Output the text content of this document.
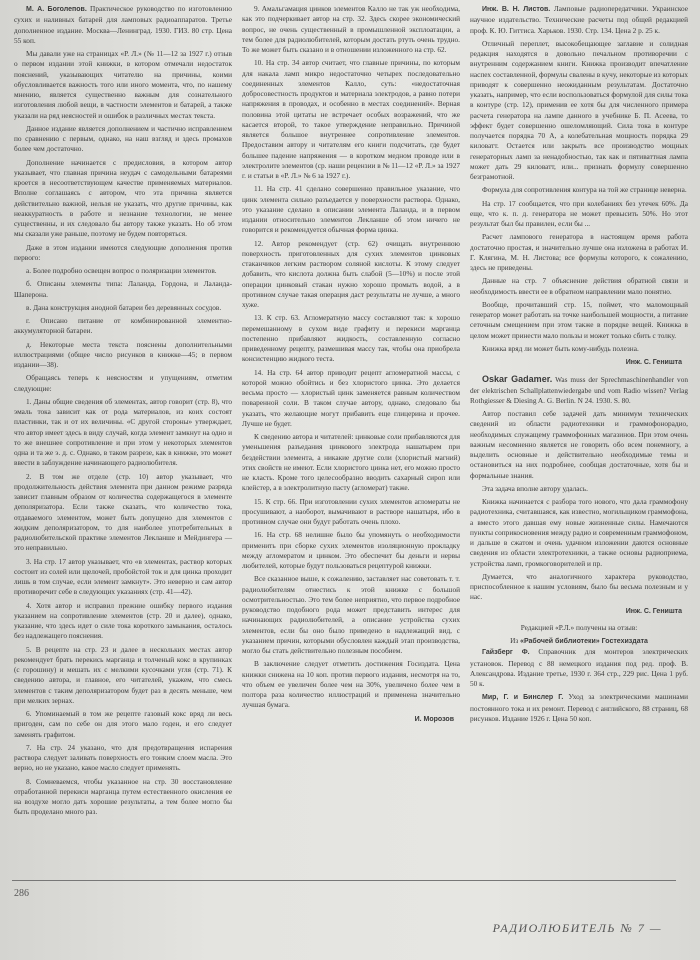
М. А. Боголепов. Практическое руководство по изготовлению сухих и наливных батарей для ламповых радиоаппаратов. Третье дополненное издание. Москва—Ленинград. 1930. ГИЗ. 80 стр. Цена 55 коп.

Мы давали уже на страницах «Р. Л.» (№ 11—12 за 1927 г.) отзыв о первом издании этой книжки, в котором отмечали недостаток пояснений, указывающих читателю на причины, коими обусловливается важность того или иного момента, что, по нашему мнению, является существенно важным для сознательного изготовления любой вещи, в частности элементов и батарей, а также указали на ряд неясностей и ошибок в различных местах текста.

Данное издание является дополнением и частично исправлением по сравнению с первым, однако, на наш взгляд и здесь промахов более чем достаточно.

Дополнение начинается с предисловия, в котором автор указывает, что главная причина неудач с самодельными батареями кроется в несоответствующем качестве применяемых материалов. Вполне соглашаясь с автором, что эта причина является действительно важной, нельзя не указать, что другие причины, как неаккуратность в работе и незнание технологии, не менее существенны, и их следовало бы автору также указать. Но об этом мы сказали уже раньше, поэтому не будем повторяться.

Даже в этом издании имеются следующие дополнения против первого:

а. Более подробно освещен вопрос о поляризации элементов.

б. Описаны элементы типа: Лаланда, Гордона, и Лаланда-Шаперона.

в. Дана конструкция анодной батареи без деревянных сосудов.

г. Описано питание от комбинированной элементно-аккумуляторной батареи.

д. Некоторые места текста пояснены дополнительными иллюстрациями (общее число рисунков в книжке—45; в первом издании—38).

Обращаясь теперь к неясностям и упущениям, отметим следующие:

1. Даны общие сведения об элементах, автор говорит (стр. 8), что эмаль тока зависит как от рода материалов, из коих состоят пластинки, так и от их величины. «С другой стороны» утверждает, что автор имеет здесь в виду случай, когда элемент замкнут на одно и то же внешнее сопротивление и при этом у некоторых элементов одна и та же э. д. с. Однако, в таком разрезе, как в книжке, это может ввести в заблуждение начинающего радиолюбителя.

2. В том же отделе (стр. 10) автор указывает, что продолжительность действия элемента при данном режиме разряда зависит главным образом от количества содержащегося в элементе деполяризатора. Если также сказать, что количество тока, отдаваемого элементом, может быть допущено для элементов с жидким деполяризатором, то для наиболее употребительных в радиолюбительской практике элементов Лекланше и Мейдингера — это неправильно.

3. На стр. 17 автор указывает, что «в элементах, раствор которых состоит из солей или щелочей, пробойстой ток и для цинка проходит лишь в том случае, если элемент замкнут». Это неверно и сам автор противоречит себе в следующих указаниях (стр. 41—42).

4. Хотя автор и исправил прежние ошибку первого издания указанием на сопротивление элементов (стр. 20 и далее), однако, указание, что здесь идет о силе тока короткого замыкания, осталось без надлежащего пояснения.

5. В рецепте на стр. 23 и далее в нескольких местах автор рекомендует брать перекись марганца и толченый кокс в крупинках (с горошину) и мешать их с мелкими кусочками угля (стр. 71). К сведению автора, и главное, его читателей, укажем, что смесь элементов с таким деполяризатором будет раз в десять меньше, чем при мелких зернах.

6. Упоминаемый в том же рецепте газовый кокс вряд ли весь пригоден, сам по себе он для этого мало годен, и его следует заменять графитом.

7. На стр. 24 указано, что для предотвращения испарения раствора следует заливать поверхность его тонким слоем масла. Это верно, но не указано, какое масло следует применять.

8. Сомневаемся, чтобы указанное на стр. 30 восстановление отработанной перекиси марганца путем естественного окисления ее на воздухе могло дать хорошие результаты, а тем более могло бы быть проделано много раз.

9. Амальгамация цинков элементов Калло не так уж необходима, как это подчеркивает автор на стр. 32. Здесь скорее экономический вопрос, не очень существенный в промышленной эксплоатации, а тем более для радиолюбителей, которым достать ртуть очень трудно. То же может быть сказано и в отношении изложенного на стр. 62.

10. На стр. 34 автор считает, что главные причины, по которым для накала ламп микро недостаточно четырех последовательно соединенных элементов Калло, суть: «недостаточная добросовестность продуктов и материала электродов, а равно потери напряжения в проводах, и особенно в местах соединений». Верная половина этой цитаты не встречает особых возражений, что же касается второй, то такое утверждение неправильно. Причиной является большое внутреннее сопротивление элементов. Предоставим автору и читателям его книги подсчитать, где будет большее падение напряжения — в коротком медном проводе или в электролите элементов (ср. наши рецензии в № 11—12 «Р. Л.» за 1927 г. и статьи в «Р. Л.» № 6 за 1927 г.).

11. На стр. 41 сделано совершенно правильное указание, что цинк элемента сильно разъедается у поверхности раствора. Однако, это указание сделано в описании элемента Лаланда, и в первом издании относительно элементов Лекланше об этом ничего не говорится и рекомендуется обычная форма цинка.

12. Автор рекомендует (стр. 62) очищать внутреннюю поверхность приготовленных для сухих элементов цинковых стаканчиков легким раствором соляной кислоты. К этому следует добавить, что кислота должна быть слабой (5—10%) и после этой операции цинковый стакан нужно хорошо промыть водой, а в противном случае такая операция даст результаты не лучше, а много хуже.

13. К стр. 63. Агломератную массу составляют так: к хорошо перемешанному в сухом виде графиту и перекиси марганца постепенно прибавляют жидкость, составленную согласно приведенному рецепту, размешивая массу так, чтобы она приобрела консистенцию жидкого теста.

14. На стр. 64 автор приводит рецепт агломератной массы, с которой можно обойтись и без хлористого цинка. Это делается весьма просто — хлористый цинк заменяется равным количеством поваренной соли. В таком случае автору, однако, следовало бы указать, что желающие могут прибавить еще глицерина и прочее. Лучше не будет.

К сведению автора и читателей: цинковые соли прибавляются для уменьшения разъедания цинкового электрода нашатырем при бездействии элемента, а никакие другие соли (хлористый магний) этих свойств не имеют. Если хлористого цинка нет, его можно просто не класть. Кроме того целесообразно вводить сахарный сироп или клейстер, а в электролитную пасту (агломерат) также.

15. К стр. 66. При изготовлении сухих элементов агломераты не просушивают, а наоборот, вымачивают в растворе нашатыря, ибо в противном случае они будут работать очень плохо.

16. На стр. 68 нелишне было бы упомянуть о необходимости применить при сборке сухих элементов изоляционную прокладку между агломератом и цинком. Это обеспечит бы деньги и нервы любителей, которые будут пользоваться рецептурой книжки.

Все сказанное выше, к сожалению, заставляет нас советовать т. т. радиолюбителям отнестись к этой книжке с большой осмотрительностью. Это тем более неприятно, что первое подробное руководство подобного рода может представить интерес для начинающих радиолюбителей, а описание устройства сухих элементов, если бы оно было приведено в надлежащий вид, с указанием причин, которыми обусловлен каждый этап производства, могло бы стать действительно полезным пособием.

В заключение следует отметить достижения Госиздата. Цена книжки снижена на 10 коп. против первого издания, несмотря на то, что объем ее увеличен более чем на 30%, увеличено более чем в полтора раза количество иллюстраций и применена значительно лучшая бумага.

И. Морозов

Инж. В. Н. Листов. Ламповые радиопередатчики. Украинское научное издательство. Технические расчеты под общей редакцией проф. К. Ю. Гиттиса. Харьков. 1930. Стр. 134. Цена 2 р. 25 к.

Отличный переплет, высокобещающее заглавие и солидная редакция находятся в довольно печальном противоречии с внутренним содержанием книги. Книжка производит впечатление наспех составленной, формулы свалены в кучу, некоторые из которых приводят к совершенно неожиданным результатам. Достаточно указать, например, что если воспользоваться формулой для силы тока в контуре (стр. 12), применив ее хотя бы для численного примера расчета генератора на лампе данного в учебнике Б. П. Асеева, то эффект будет совершенно ошеломляющий. Сила тока в контуре получается порядка 70 А, а колебательная мощность порядка 29 киловатт. Остается или закрыть все производство мощных генераторных ламп за ненадобностью, так как и пятиваттная лампа может дать 29 киловатт, или... признать формулу совершенно безграмотной.

Формула для сопротивления контура на той же странице неверна.

На стр. 17 сообщается, что при колебаниях без утечек 60%. Да еще, что к. п. д. генератора не может превысить 50%. Но этот результат был бы правилен, если бы ...

Расчет лампового генератора в настоящем время работа достаточно простая, и значительно лучше она изложена в работах И. Г. Клягина, М. Н. Листова; все формулы которого, к сожалению, здесь не приведены.

Данные на стр. 7 объяснение действия обратной связи и необходимость ввести ее в обратном направлении мало понятно.

Вообще, прочитавший стр. 15, поймет, что маломощный генератор может работать на точке наибольшей мощности, а питание сеточным смещением при этом также в порядке вещей. Книжка в целом может принести мало пользы и может только сбить с толку.

Книжка вряд ли может быть кому-нибудь полезна.

Инж. С. Геништа

Oskar Gadamer. Was muss der Sprechmaschinenhandler von der elektrischen Schallplattenwiedergabe und vom Radio wissen? Verlag Rothgiesser & Diesing A. G. Berlin. N 24. 1930. S. 80.

Автор поставил себе задачей дать минимум технических сведений из области радиотехники и граммофонорадио, необходимых служащему граммофонных магазинов. При этом очень важным несомненно является не говорить обо всем понемногу, а выделить основные и действительно необходимые темы и остановиться на них подробнее, сообщая достаточные, хотя бы и формальные знания.

Эта задача вполне автору удалась.

Книжка начинается с разбора того нового, что дала граммофону радиотехника, считавшаяся, как известно, могильщиком граммофона, а вместо этого давшая ему новые жизненные силы. Намечаются пункты соприкосновения между радио и современным граммофоном, и дальше в сжатом и очень удачном изложении даются основные сведения из области электротехники, а также основы радиоприема, устройства ламп, громкоговорителей и пр.

Думается, что аналогичного характера руководство, приспособленное к нашим условиям, было бы весьма полезным и у нас.

Инж. С. Геништа

Редакцией «Р.Л.» получены на отзыв:

Из «Рабочей библиотеки» Гостехиздата

Гайзберг Ф. Справочник для монтеров электрических установок. Перевод с 88 немецкого издания под ред. проф. В. Александрова. Издание третье, 1930 г. 364 стр., 229 рис. Цена 1 руб. 50 к.

Мир, Г. и Бинслер Г. Уход за электрическими машинами постоянного тока и их ремонт. Перевод с английского, 88 страниц, 68 рисунков. Издание 1926 г. Цена 50 коп.

286
РАДИОЛЮБИТЕЛЬ № 7 —
